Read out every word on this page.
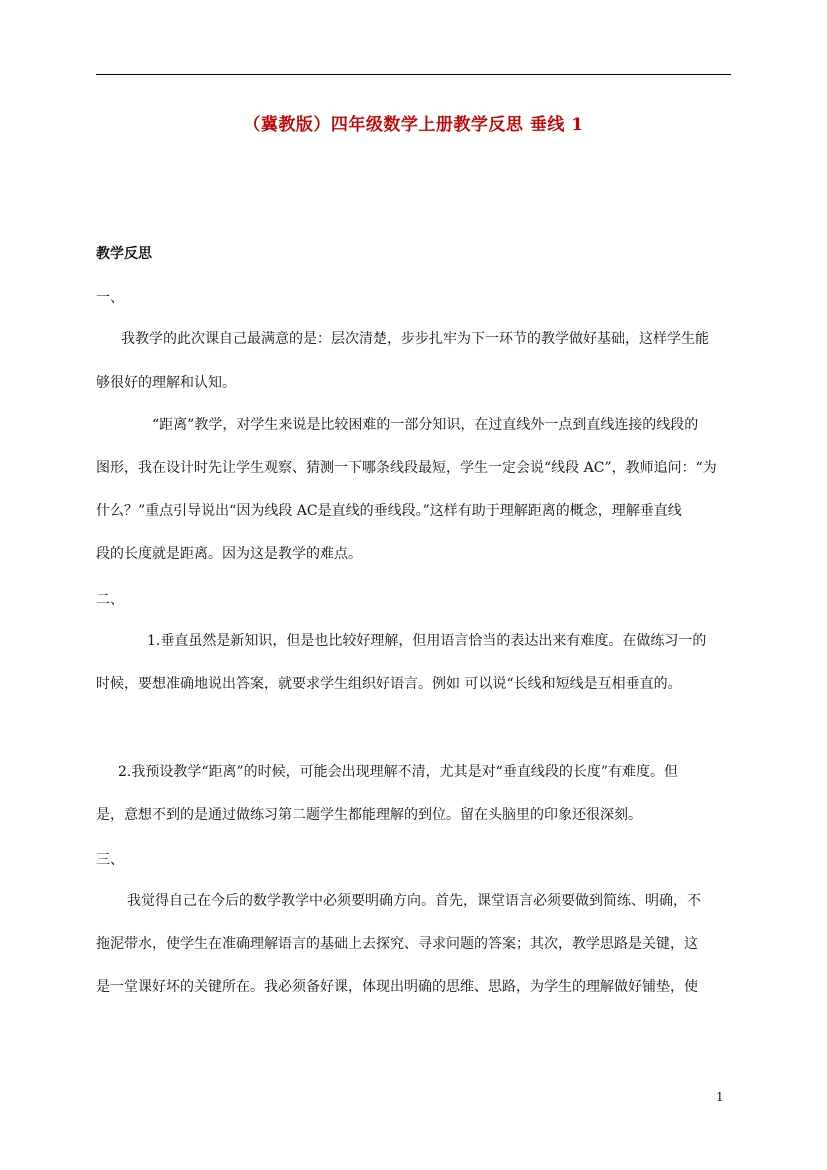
（冀教版）四年级数学上册教学反思 垂线 1
教学反思
一、
我教学的此次课自己最满意的是：层次清楚，步步扎牢为下一环节的教学做好基础，这样学生能
够很好的理解和认知。
“距离”教学，对学生来说是比较困难的一部分知识，在过直线外一点到直线连接的线段的
图形，我在设计时先让学生观察、猜测一下哪条线段最短，学生一定会说“线段 AC”，教师追问：“为
什么？”重点引导说出“因为线段 AC是直线的垂线段。”这样有助于理解距离的概念，理解垂直线
段的长度就是距离。因为这是教学的难点。
二、
1.垂直虽然是新知识，但是也比较好理解，但用语言恰当的表达出来有难度。在做练习一的
时候，要想准确地说出答案，就要求学生组织好语言。例如 可以说“长线和短线是互相垂直的。
2.我预设教学“距离”的时候，可能会出现理解不清，尤其是对“垂直线段的长度”有难度。但
是，意想不到的是通过做练习第二题学生都能理解的到位。留在头脑里的印象还很深刻。
三、
我觉得自己在今后的数学教学中必须要明确方向。首先，课堂语言必须要做到简练、明确，不
拖泥带水，使学生在准确理解语言的基础上去探究、寻求问题的答案；其次，教学思路是关键，这
是一堂课好坏的关键所在。我必须备好课，体现出明确的思维、思路，为学生的理解做好铺垫，使
1
